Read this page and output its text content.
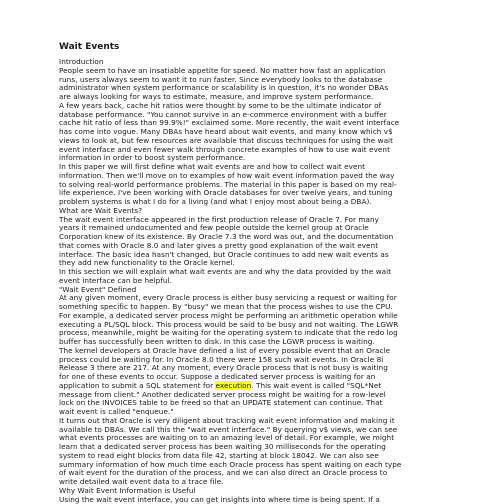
Wait Events
Introduction
People seem to have an insatiable appetite for speed. No matter how fast an application
runs, users always seem to want it to run faster. Since everybody looks to the database
administrator when system performance or scalability is in question, it's no wonder DBAs
are always looking for ways to estimate, measure, and improve system performance.
A few years back, cache hit ratios were thought by some to be the ultimate indicator of
database performance. "You cannot survive in an e-commerce environment with a buffer
cache hit ratio of less than 99.9%!" exclaimed some. More recently, the wait event interface
has come into vogue. Many DBAs have heard about wait events, and many know which v$
views to look at, but few resources are available that discuss techniques for using the wait
event interface and even fewer walk through concrete examples of how to use wait event
information in order to boost system performance.
In this paper we will first define what wait events are and how to collect wait event
information. Then we'll move on to examples of how wait event information paved the way
to solving real-world performance problems. The material in this paper is based on my real-
life experience. I've been working with Oracle databases for over twelve years, and tuning
problem systems is what I do for a living (and what I enjoy most about being a DBA).
What are Wait Events?
The wait event interface appeared in the first production release of Oracle 7. For many
years it remained undocumented and few people outside the kernel group at Oracle
Corporation knew of its existence. By Oracle 7.3 the word was out, and the documentation
that comes with Oracle 8.0 and later gives a pretty good explanation of the wait event
interface. The basic idea hasn't changed, but Oracle continues to add new wait events as
they add new functionality to the Oracle kernel.
In this section we will explain what wait events are and why the data provided by the wait
event interface can be helpful.
"Wait Event" Defined
At any given moment, every Oracle process is either busy servicing a request or waiting for
something specific to happen. By "busy" we mean that the process wishes to use the CPU.
For example, a dedicated server process might be performing an arithmetic operation while
executing a PL/SQL block. This process would be said to be busy and not waiting. The LGWR
process, meanwhile, might be waiting for the operating system to indicate that the redo log
buffer has successfully been written to disk. In this case the LGWR process is waiting.
The kernel developers at Oracle have defined a list of every possible event that an Oracle
process could be waiting for. In Oracle 8.0 there were 158 such wait events. In Oracle 8i
Release 3 there are 217. At any moment, every Oracle process that is not busy is waiting
for one of these events to occur. Suppose a dedicated server process is waiting for an
application to submit a SQL statement for execution. This wait event is called "SQL*Net
message from client." Another dedicated server process might be waiting for a row-level
lock on the INVOICES table to be freed so that an UPDATE statement can continue. That
wait event is called "enqueue."
It turns out that Oracle is very diligent about tracking wait event information and making it
available to DBAs. We call this the "wait event interface." By querying v$ views, we can see
what events processes are waiting on to an amazing level of detail. For example, we might
learn that a dedicated server process has been waiting 30 milliseconds for the operating
system to read eight blocks from data file 42, starting at block 18042. We can also see
summary information of how much time each Oracle process has spent waiting on each type
of wait event for the duration of the process, and we can also direct an Oracle process to
write detailed wait event data to a trace file.
Why Wait Event Information is Useful
Using the wait event interface, you can get insights into where time is being spent. If a
